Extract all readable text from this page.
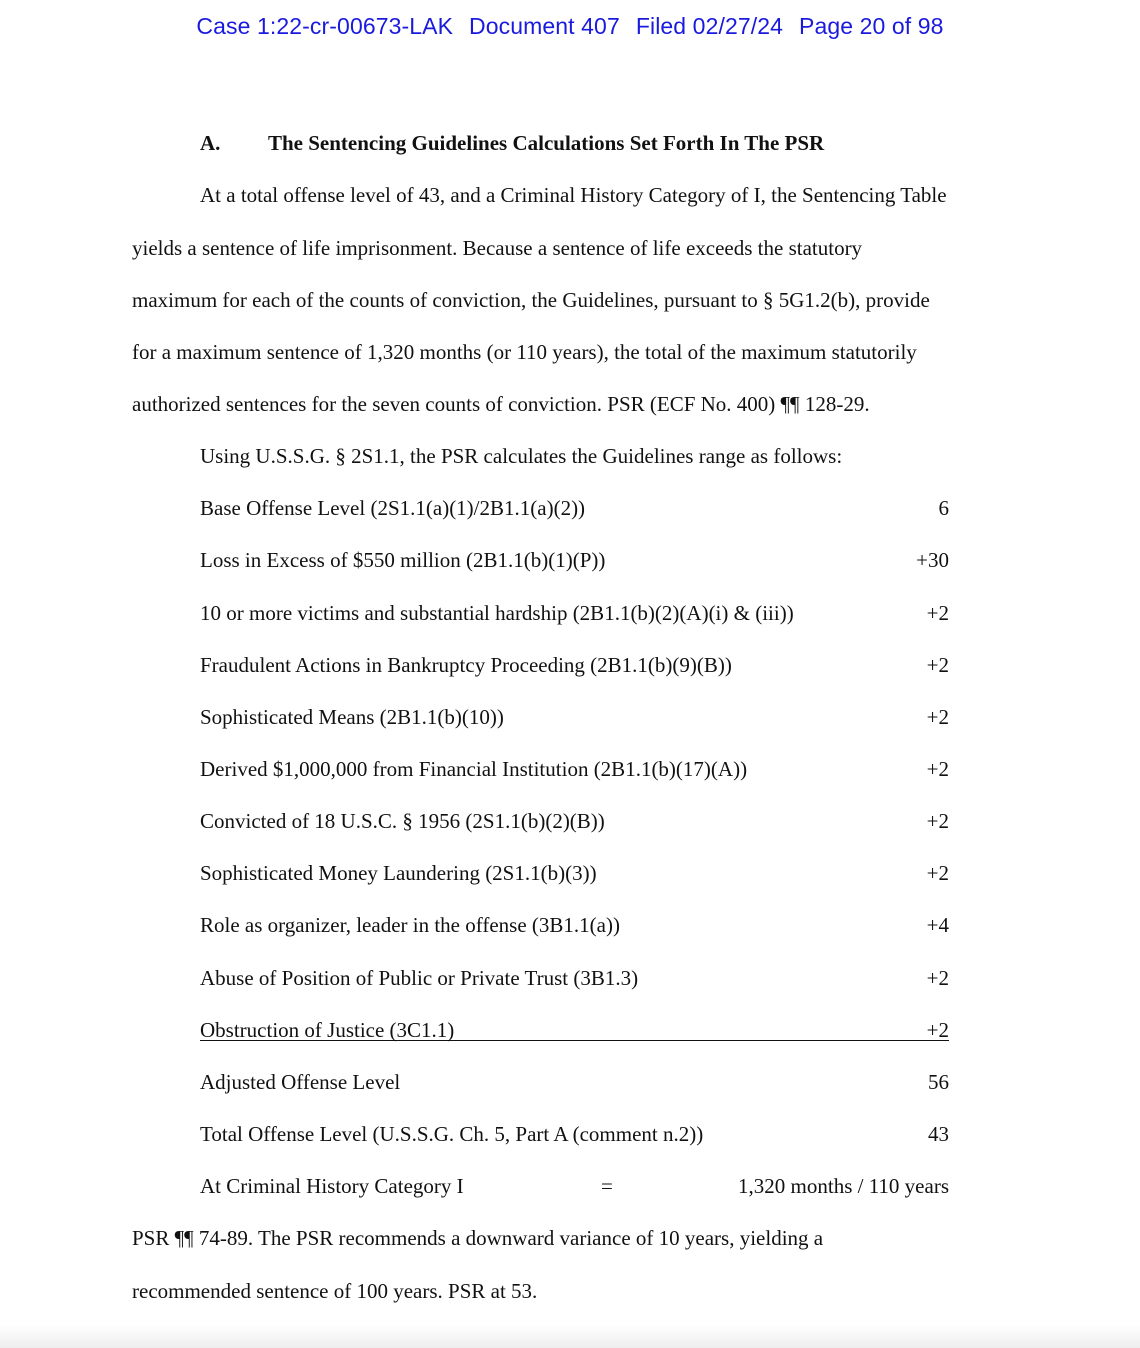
Case 1:22-cr-00673-LAK Document 407 Filed 02/27/24 Page 20 of 98
A. The Sentencing Guidelines Calculations Set Forth In The PSR
At a total offense level of 43, and a Criminal History Category of I, the Sentencing Table
yields a sentence of life imprisonment. Because a sentence of life exceeds the statutory
maximum for each of the counts of conviction, the Guidelines, pursuant to § 5G1.2(b), provide
for a maximum sentence of 1,320 months (or 110 years), the total of the maximum statutorily
authorized sentences for the seven counts of conviction. PSR (ECF No. 400) ¶¶ 128-29.
Using U.S.S.G. § 2S1.1, the PSR calculates the Guidelines range as follows:
Base Offense Level (2S1.1(a)(1)/2B1.1(a)(2))	6
Loss in Excess of $550 million (2B1.1(b)(1)(P))	+30
10 or more victims and substantial hardship (2B1.1(b)(2)(A)(i) & (iii))	+2
Fraudulent Actions in Bankruptcy Proceeding (2B1.1(b)(9)(B))	+2
Sophisticated Means (2B1.1(b)(10))	+2
Derived $1,000,000 from Financial Institution (2B1.1(b)(17)(A))	+2
Convicted of 18 U.S.C. § 1956 (2S1.1(b)(2)(B))	+2
Sophisticated Money Laundering (2S1.1(b)(3))	+2
Role as organizer, leader in the offense (3B1.1(a))	+4
Abuse of Position of Public or Private Trust (3B1.3)	+2
Obstruction of Justice (3C1.1)	+2
Adjusted Offense Level	56
Total Offense Level (U.S.S.G. Ch. 5, Part A (comment n.2))	43
At Criminal History Category I	=	1,320 months / 110 years
PSR ¶¶ 74-89. The PSR recommends a downward variance of 10 years, yielding a
recommended sentence of 100 years. PSR at 53.
